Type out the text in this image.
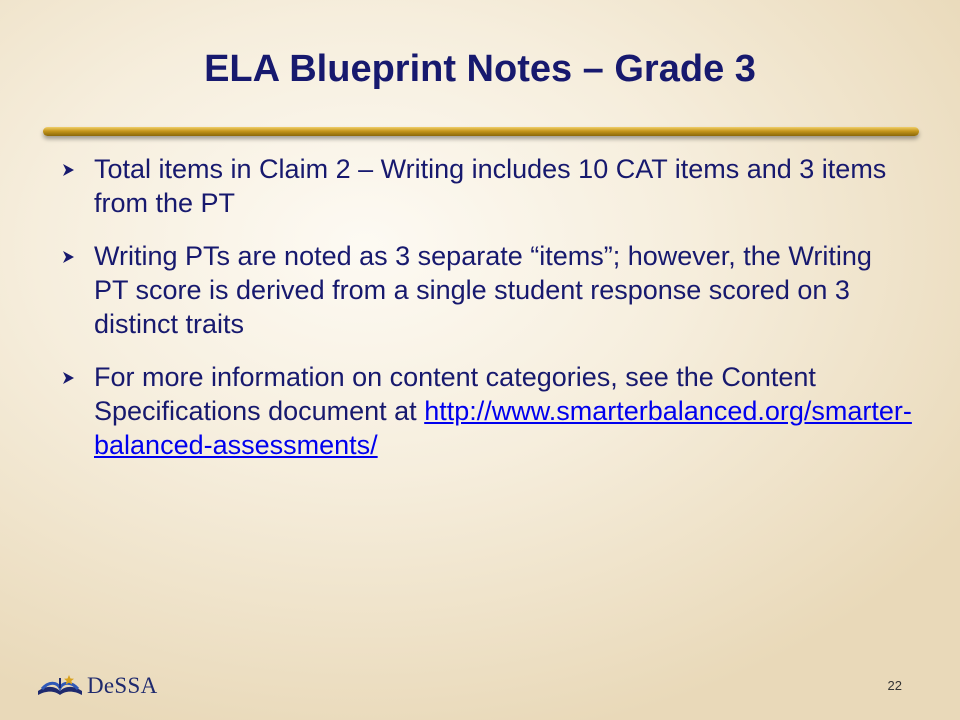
ELA Blueprint Notes – Grade 3
Total items in Claim 2 – Writing includes 10 CAT items and 3 items from the PT
Writing PTs are noted as 3 separate “items”; however, the Writing PT score is derived from a single student response scored on 3 distinct traits
For more information on content categories, see the Content Specifications document at http://www.smarterbalanced.org/smarter-balanced-assessments/
DeSSA	22
